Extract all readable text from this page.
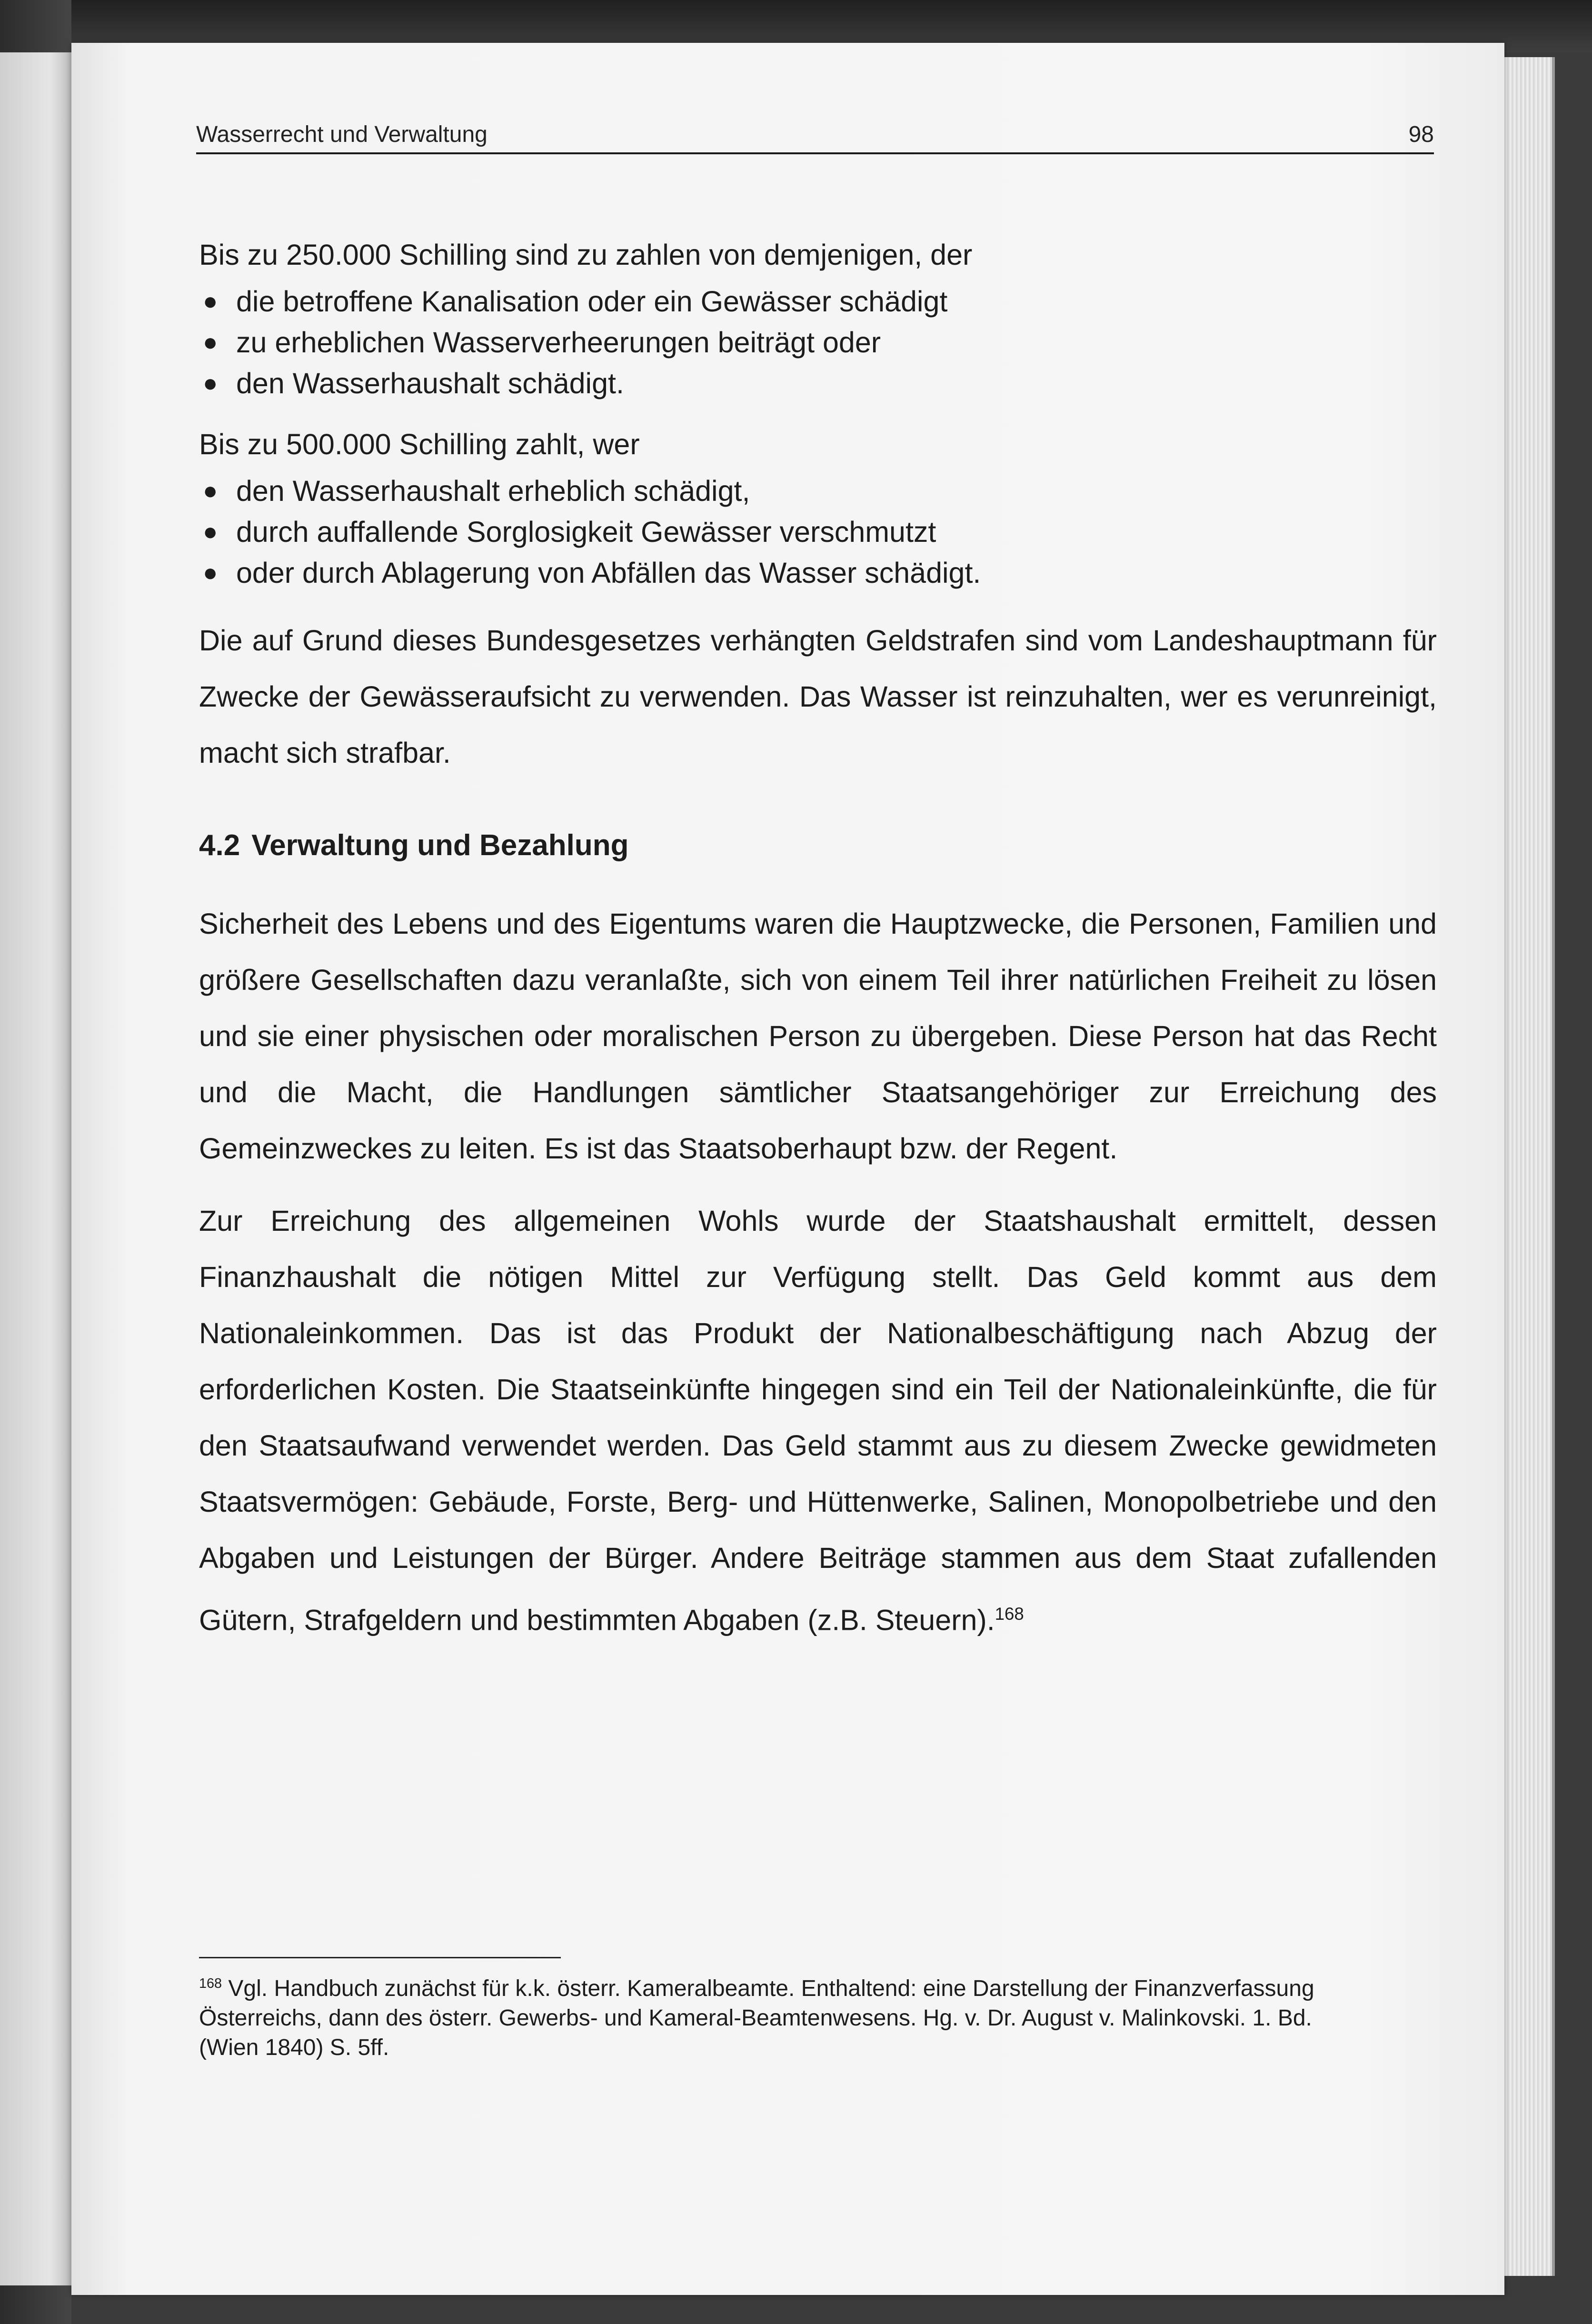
Wasserrecht und Verwaltung	98

Bis zu 250.000 Schilling sind zu zahlen von demjenigen, der

● die betroffene Kanalisation oder ein Gewässer schädigt
● zu erheblichen Wasserverheerungen beiträgt oder
● den Wasserhaushalt schädigt.

Bis zu 500.000 Schilling zahlt, wer

● den Wasserhaushalt erheblich schädigt,
● durch auffallende Sorglosigkeit Gewässer verschmutzt
● oder durch Ablagerung von Abfällen das Wasser schädigt.

Die auf Grund dieses Bundesgesetzes verhängten Geldstrafen sind vom Landeshauptmann für Zwecke der Gewässeraufsicht zu verwenden. Das Wasser ist reinzuhalten, wer es verunreinigt, macht sich strafbar.

4.2 Verwaltung und Bezahlung

Sicherheit des Lebens und des Eigentums waren die Hauptzwecke, die Personen, Familien und größere Gesellschaften dazu veranlaßte, sich von einem Teil ihrer natürlichen Freiheit zu lösen und sie einer physischen oder moralischen Person zu übergeben. Diese Person hat das Recht und die Macht, die Handlungen sämtlicher Staatsangehöriger zur Erreichung des Gemeinzweckes zu leiten. Es ist das Staatsoberhaupt bzw. der Regent.

Zur Erreichung des allgemeinen Wohls wurde der Staatshaushalt ermittelt, dessen Finanzhaushalt die nötigen Mittel zur Verfügung stellt. Das Geld kommt aus dem Nationaleinkommen. Das ist das Produkt der Nationalbeschäftigung nach Abzug der erforderlichen Kosten. Die Staatseinkünfte hingegen sind ein Teil der Nationaleinkünfte, die für den Staatsaufwand verwendet werden. Das Geld stammt aus zu diesem Zwecke gewidmeten Staatsvermögen: Gebäude, Forste, Berg- und Hüttenwerke, Salinen, Monopolbetriebe und den Abgaben und Leistungen der Bürger. Andere Beiträge stammen aus dem Staat zufallenden Gütern, Strafgeldern und bestimmten Abgaben (z.B. Steuern).$^{168}$

$^{168}$ Vgl. Handbuch zunächst für k.k. österr. Kameralbeamte. Enthaltend: eine Darstellung der Finanzverfassung Österreichs, dann des österr. Gewerbs- und Kameral-Beamtenwesens. Hg. v. Dr. August v. Malinkovski. 1. Bd. (Wien 1840) S. 5ff.
